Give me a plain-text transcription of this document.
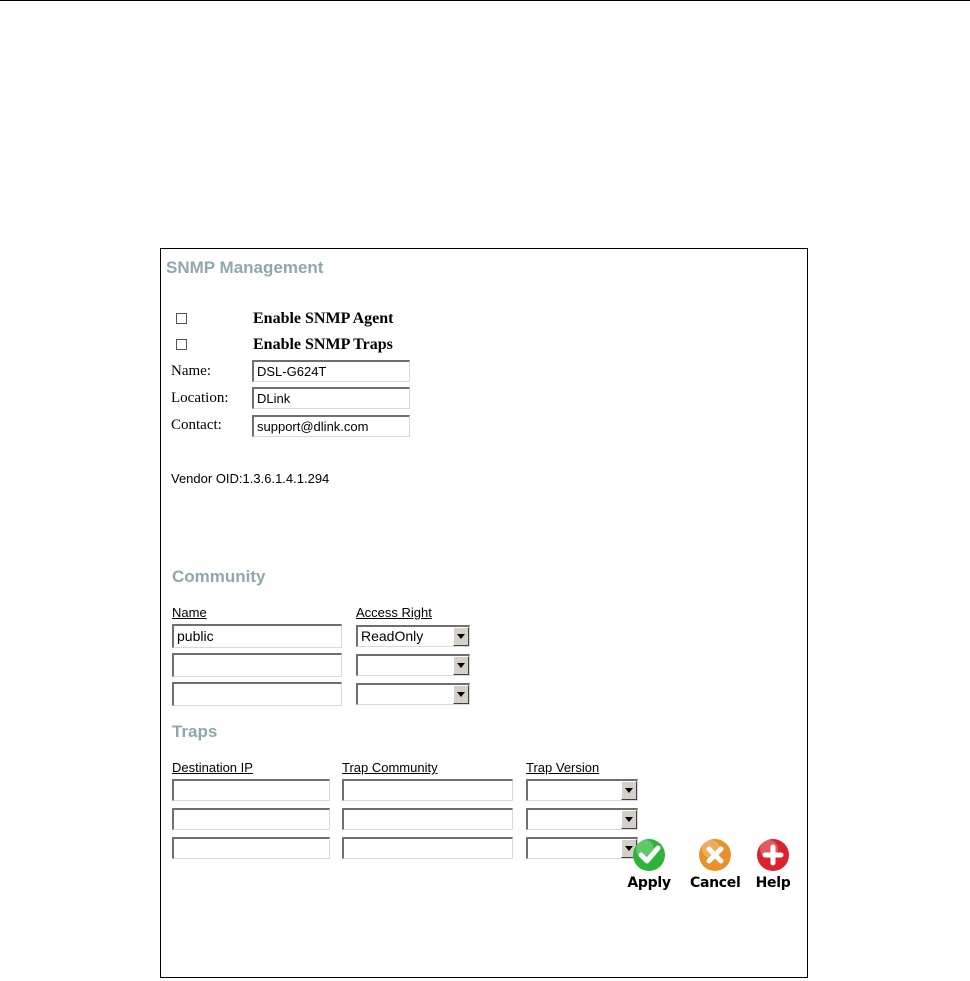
SNMP Management
Enable SNMP Agent
Enable SNMP Traps
Name:	DSL-G624T
Location:	DLink
Contact:	support@dlink.com
Vendor OID:1.3.6.1.4.1.294
Community
Name	Access Right
public	ReadOnly
Traps
Destination IP	Trap Community	Trap Version
Apply Cancel	Help
